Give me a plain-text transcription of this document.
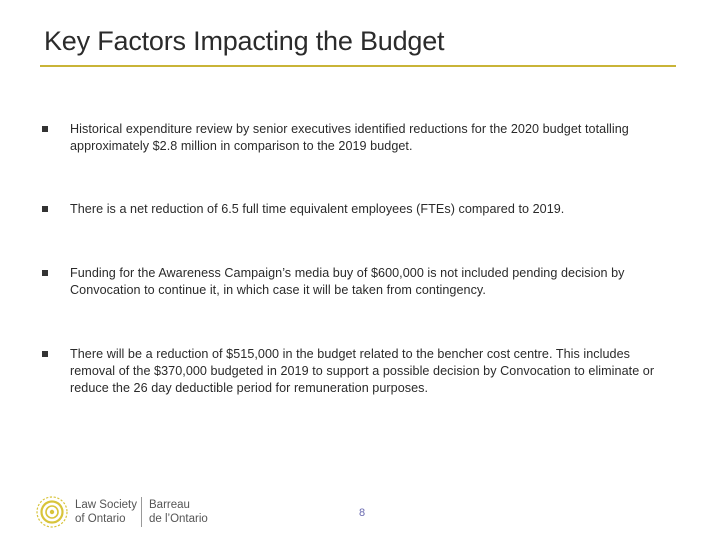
Key Factors Impacting the Budget
Historical expenditure review by senior executives identified reductions for the 2020 budget totalling approximately $2.8 million in comparison to the 2019 budget.
There is a net reduction of 6.5 full time equivalent employees (FTEs) compared to 2019.
Funding for the Awareness Campaign’s media buy of $600,000 is not included pending decision by Convocation to continue it, in which case it will be taken from contingency.
There will be a reduction of $515,000 in the budget related to the bencher cost centre. This includes removal of the $370,000 budgeted in 2019 to support a possible decision by Convocation to eliminate or reduce the 26 day deductible period for remuneration purposes.
Law Society
of Ontario
Barreau
de l’Ontario	8
